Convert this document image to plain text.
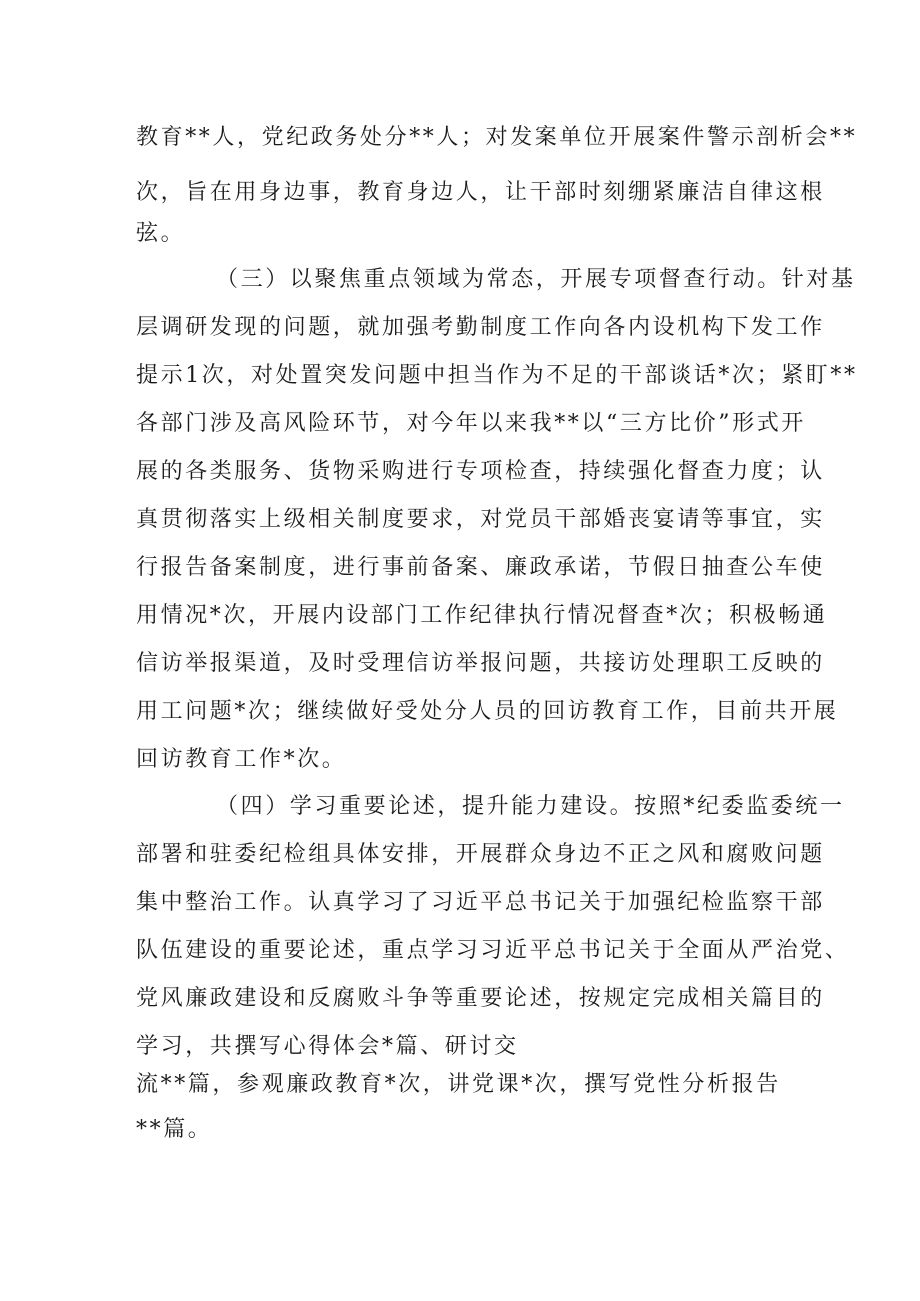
教育**人，党纪政务处分**人；对发案单位开展案件警示剖析会**
次，旨在用身边事，教育身边人，让干部时刻绷紧廉洁自律这根
弦。
（三）以聚焦重点领域为常态，开展专项督查行动。针对基
层调研发现的问题，就加强考勤制度工作向各内设机构下发工作
提示1次，对处置突发问题中担当作为不足的干部谈话*次；紧盯**
各部门涉及高风险环节，对今年以来我**以“三方比价”形式开
展的各类服务、货物采购进行专项检查，持续强化督查力度；认
真贯彻落实上级相关制度要求，对党员干部婚丧宴请等事宜，实
行报告备案制度，进行事前备案、廉政承诺，节假日抽查公车使
用情况*次，开展内设部门工作纪律执行情况督查*次；积极畅通
信访举报渠道，及时受理信访举报问题，共接访处理职工反映的
用工问题*次；继续做好受处分人员的回访教育工作，目前共开展
回访教育工作*次。
（四）学习重要论述，提升能力建设。按照*纪委监委统一
部署和驻委纪检组具体安排，开展群众身边不正之风和腐败问题
集中整治工作。认真学习了习近平总书记关于加强纪检监察干部
队伍建设的重要论述，重点学习习近平总书记关于全面从严治党、
党风廉政建设和反腐败斗争等重要论述，按规定完成相关篇目的
学习，共撰写心得体会*篇、研讨交
流**篇，参观廉政教育*次，讲党课*次，撰写党性分析报告
**篇。
